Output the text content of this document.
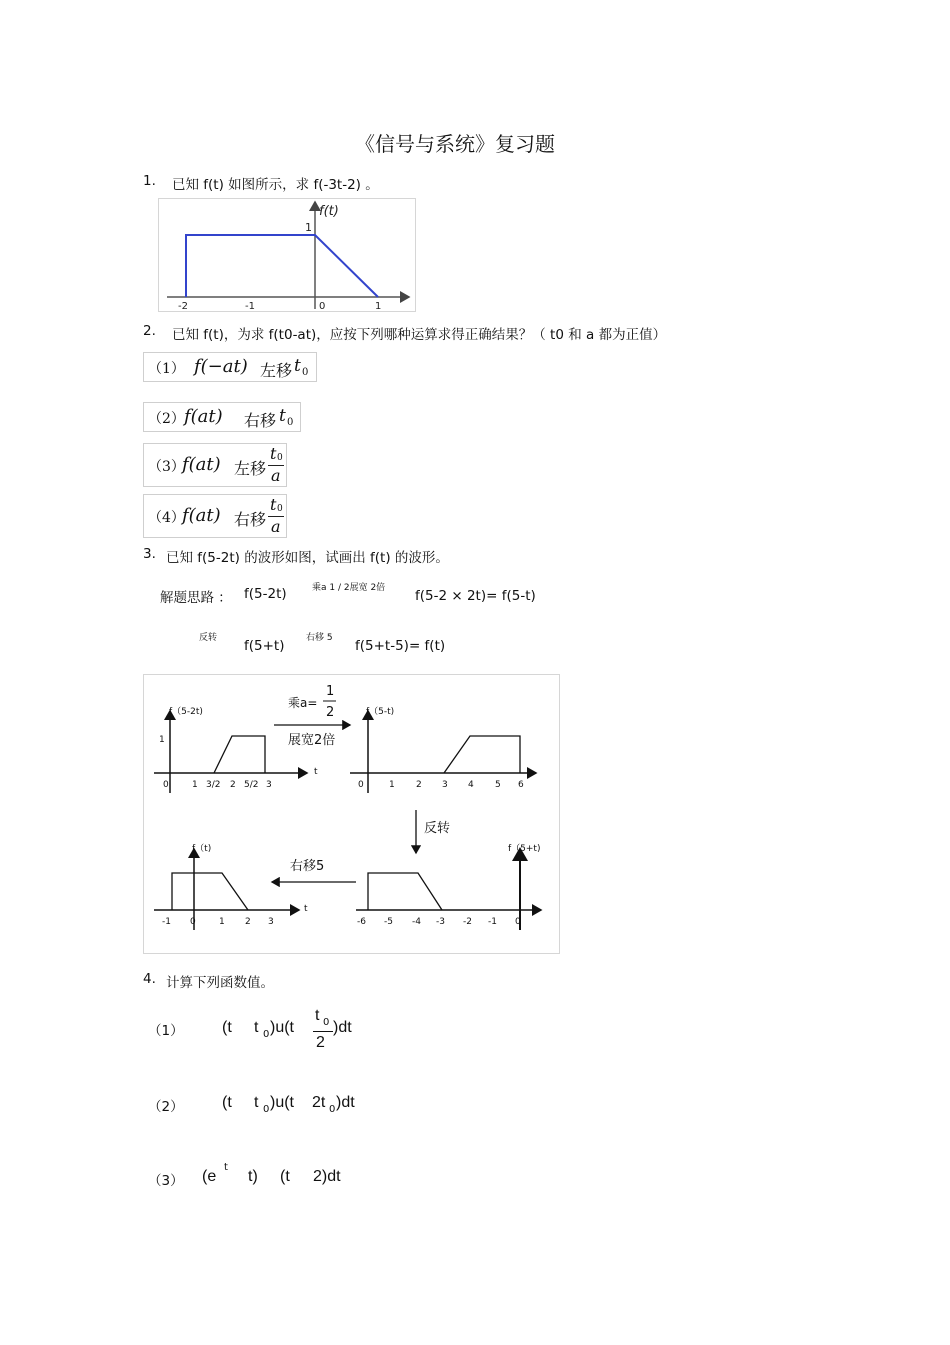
《信号与系统》复习题
1. 已知 f(t) 如图所示，求 f(-3t-2) 。
f(t)
1
-2	-1	0	1
2. 已知 f(t)，为求 f(t0-at)，应按下列哪种运算求得正确结果？（ t0 和 a 都为正值）
（1） f(−at) 左移 t 0
（2） f(at) 右移 t 0
（3）
f(at) 左移
t 0
a
（4）
f(at) 右移
t 0
a
3. 已知 f(5-2t) 的波形如图，试画出 f(t) 的波形。
解题思路 ： f(5-2t)	乘a 1 / 2展宽 2倍 f(5-2 × 2t)= f(5-t)
反转 f(5+t) 右移 5 f(5+t-5)= f(t)
f（5-2t)
1
t
0	1 3/2 2 5/2 3
乘a=
1
2
展宽2倍
f（5-t)
0	1 2 3 4 5 6
反转
f（t)
t
-1 0	1 2 3
右移5
f（5+t)
-6 -5 -4 -3 -2 -1 0
4. 计算下列函数值。
（1） (t t 0 )u(t
t 0
2
)dt
（2） (t t 0 )u(t 2t 0 )dt
（3） (e
t
t) (t 2)dt
